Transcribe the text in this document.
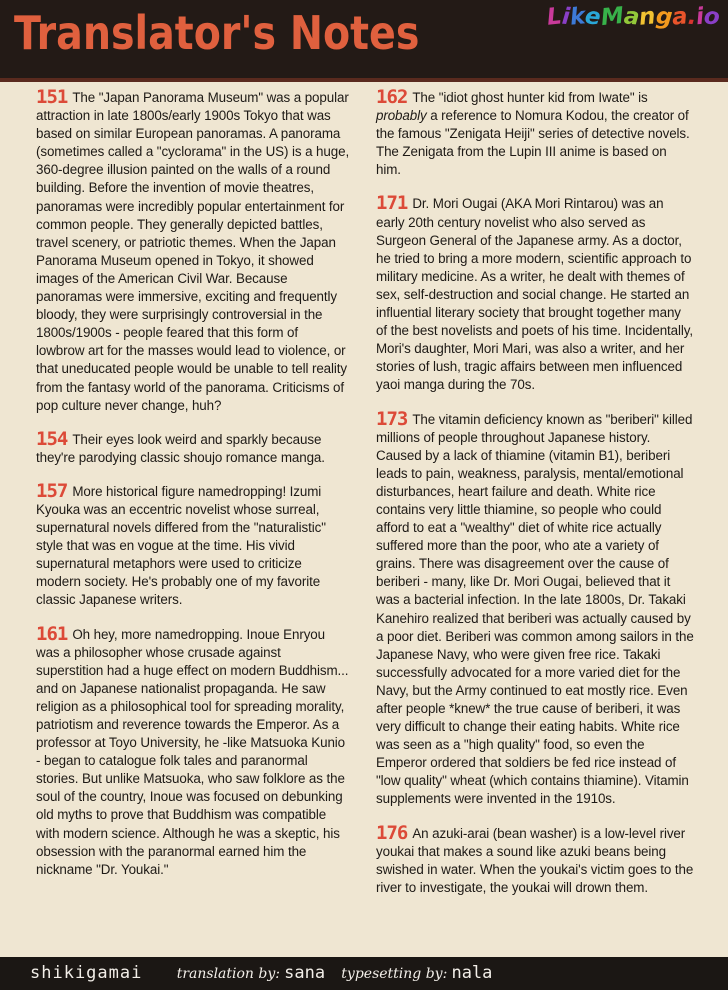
Translator's Notes	LikeManga.io

151 The "Japan Panorama Museum" was a popular attraction in late 1800s/early 1900s Tokyo that was based on similar European panoramas. A panorama (sometimes called a "cyclorama" in the US) is a huge, 360-degree illusion painted on the walls of a round building. Before the invention of movie theatres, panoramas were incredibly popular entertainment for common people. They generally depicted battles, travel scenery, or patriotic themes. When the Japan Panorama Museum opened in Tokyo, it showed images of the American Civil War. Because panoramas were immersive, exciting and frequently bloody, they were surprisingly controversial in the 1800s/1900s - people feared that this form of lowbrow art for the masses would lead to violence, or that uneducated people would be unable to tell reality from the fantasy world of the panorama. Criticisms of pop culture never change, huh?

154 Their eyes look weird and sparkly because they're parodying classic shoujo romance manga.

157 More historical figure namedropping! Izumi Kyouka was an eccentric novelist whose surreal, supernatural novels differed from the "naturalistic" style that was en vogue at the time. His vivid supernatural metaphors were used to criticize modern society. He's probably one of my favorite classic Japanese writers.

161 Oh hey, more namedropping. Inoue Enryou was a philosopher whose crusade against superstition had a huge effect on modern Buddhism... and on Japanese nationalist propaganda. He saw religion as a philosophical tool for spreading morality, patriotism and reverence towards the Emperor. As a professor at Toyo University, he -like Matsuoka Kunio - began to catalogue folk tales and paranormal stories. But unlike Matsuoka, who saw folklore as the soul of the country, Inoue was focused on debunking old myths to prove that Buddhism was compatible with modern science. Although he was a skeptic, his obsession with the paranormal earned him the nickname "Dr. Youkai."

162 The "idiot ghost hunter kid from Iwate" is probably a reference to Nomura Kodou, the creator of the famous "Zenigata Heiji" series of detective novels. The Zenigata from the Lupin III anime is based on him.

171 Dr. Mori Ougai (AKA Mori Rintarou) was an early 20th century novelist who also served as Surgeon General of the Japanese army. As a doctor, he tried to bring a more modern, scientific approach to military medicine. As a writer, he dealt with themes of sex, self-destruction and social change. He started an influential literary society that brought together many of the best novelists and poets of his time. Incidentally, Mori's daughter, Mori Mari, was also a writer, and her stories of lush, tragic affairs between men influenced yaoi manga during the 70s.

173 The vitamin deficiency known as "beriberi" killed millions of people throughout Japanese history. Caused by a lack of thiamine (vitamin B1), beriberi leads to pain, weakness, paralysis, mental/emotional disturbances, heart failure and death. White rice contains very little thiamine, so people who could afford to eat a "wealthy" diet of white rice actually suffered more than the poor, who ate a variety of grains. There was disagreement over the cause of beriberi - many, like Dr. Mori Ougai, believed that it was a bacterial infection. In the late 1800s, Dr. Takaki Kanehiro realized that beriberi was actually caused by a poor diet. Beriberi was common among sailors in the Japanese Navy, who were given free rice. Takaki successfully advocated for a more varied diet for the Navy, but the Army continued to eat mostly rice. Even after people *knew* the true cause of beriberi, it was very difficult to change their eating habits. White rice was seen as a "high quality" food, so even the Emperor ordered that soldiers be fed rice instead of "low quality" wheat (which contains thiamine). Vitamin supplements were invented in the 1910s.

176 An azuki-arai (bean washer) is a low-level river youkai that makes a sound like azuki beans being swished in water. When the youkai's victim goes to the river to investigate, the youkai will drown them.

shikigamai translation by: sana typesetting by: nala
